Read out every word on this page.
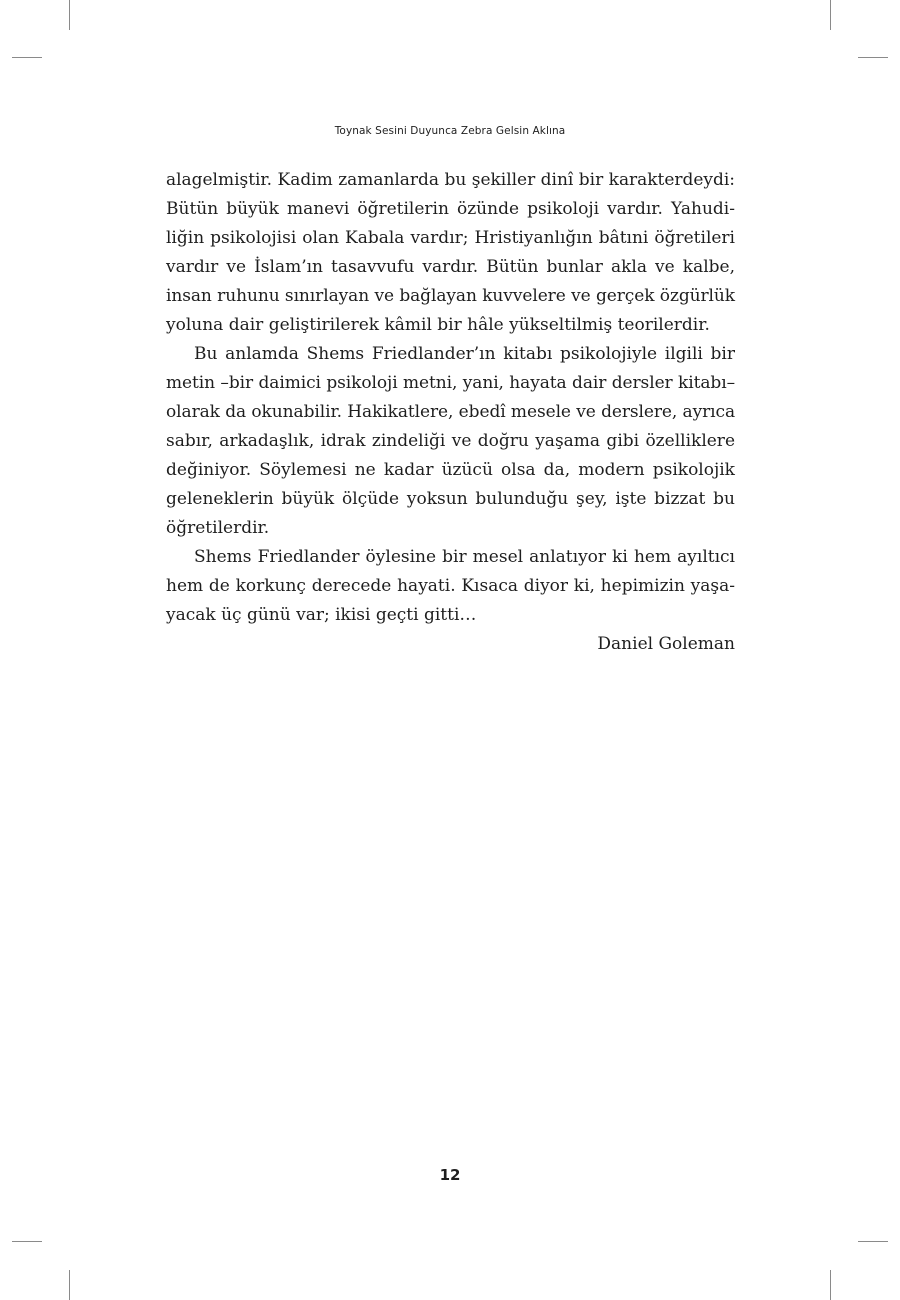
Toynak Sesini Duyunca Zebra Gelsin Aklına
alagelmiştir. Kadim zamanlarda bu şekiller dinî bir karakterdeydi:
Bütün büyük manevi öğretilerin özünde psikoloji vardır. Yahudi-
liğin psikolojisi olan Kabala vardır; Hristiyanlığın bâtıni öğretileri
vardır ve İslam’ın tasavvufu vardır. Bütün bunlar akla ve kalbe,
insan ruhunu sınırlayan ve bağlayan kuvvelere ve gerçek özgürlük
yoluna dair geliştirilerek kâmil bir hâle yükseltilmiş teorilerdir.
Bu anlamda Shems Friedlander’ın kitabı psikolojiyle ilgili bir
metin –bir daimici psikoloji metni, yani, hayata dair dersler kitabı–
olarak da okunabilir. Hakikatlere, ebedî mesele ve derslere, ayrıca
sabır, arkadaşlık, idrak zindeliği ve doğru yaşama gibi özelliklere
değiniyor. Söylemesi ne kadar üzücü olsa da, modern psikolojik
geleneklerin büyük ölçüde yoksun bulunduğu şey, işte bizzat bu
öğretilerdir.
Shems Friedlander öylesine bir mesel anlatıyor ki hem ayıltıcı
hem de korkunç derecede hayati. Kısaca diyor ki, hepimizin yaşa-
yacak üç günü var; ikisi geçti gitti…
Daniel Goleman
12
